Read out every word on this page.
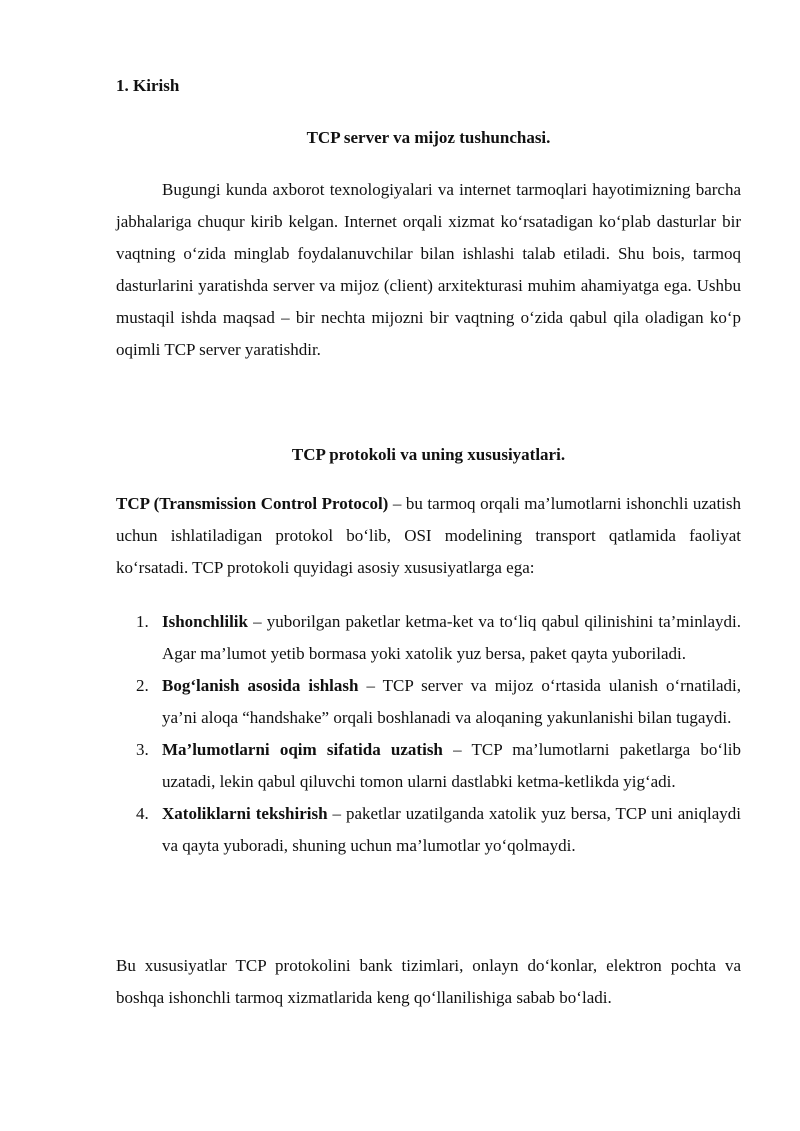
1. Kirish
TCP server va mijoz tushunchasi.

Bugungi kunda axborot texnologiyalari va internet tarmoqlari hayotimizning barcha jabhalariga chuqur kirib kelgan. Internet orqali xizmat ko‘rsatadigan ko‘plab dasturlar bir vaqtning o‘zida minglab foydalanuvchilar bilan ishlashi talab etiladi. Shu bois, tarmoq dasturlarini yaratishda server va mijoz (client) arxitekturasi muhim ahamiyatga ega. Ushbu mustaqil ishda maqsad – bir nechta mijozni bir vaqtning o‘zida qabul qila oladigan ko‘p oqimli TCP server yaratishdir.

TCP protokoli va uning xususiyatlari.

TCP (Transmission Control Protocol) – bu tarmoq orqali ma’lumotlarni ishonchli uzatish uchun ishlatiladigan protokol bo‘lib, OSI modelining transport qatlamida faoliyat ko‘rsatadi. TCP protokoli quyidagi asosiy xususiyatlarga ega:

1. Ishonchlilik – yuborilgan paketlar ketma-ket va to‘liq qabul qilinishini ta’minlaydi. Agar ma’lumot yetib bormasa yoki xatolik yuz bersa, paket qayta yuboriladi.
2. Bog‘lanish asosida ishlash – TCP server va mijoz o‘rtasida ulanish o‘rnatiladi, ya’ni aloqa “handshake” orqali boshlanadi va aloqaning yakunlanishi bilan tugaydi.
3. Ma’lumotlarni oqim sifatida uzatish – TCP ma’lumotlarni paketlarga bo‘lib uzatadi, lekin qabul qiluvchi tomon ularni dastlabki ketma-ketlikda yig‘adi.
4. Xatoliklarni tekshirish – paketlar uzatilganda xatolik yuz bersa, TCP uni aniqlaydi va qayta yuboradi, shuning uchun ma’lumotlar yo‘qolmaydi.

Bu xususiyatlar TCP protokolini bank tizimlari, onlayn do‘konlar, elektron pochta va boshqa ishonchli tarmoq xizmatlarida keng qo‘llanilishiga sabab bo‘ladi.
